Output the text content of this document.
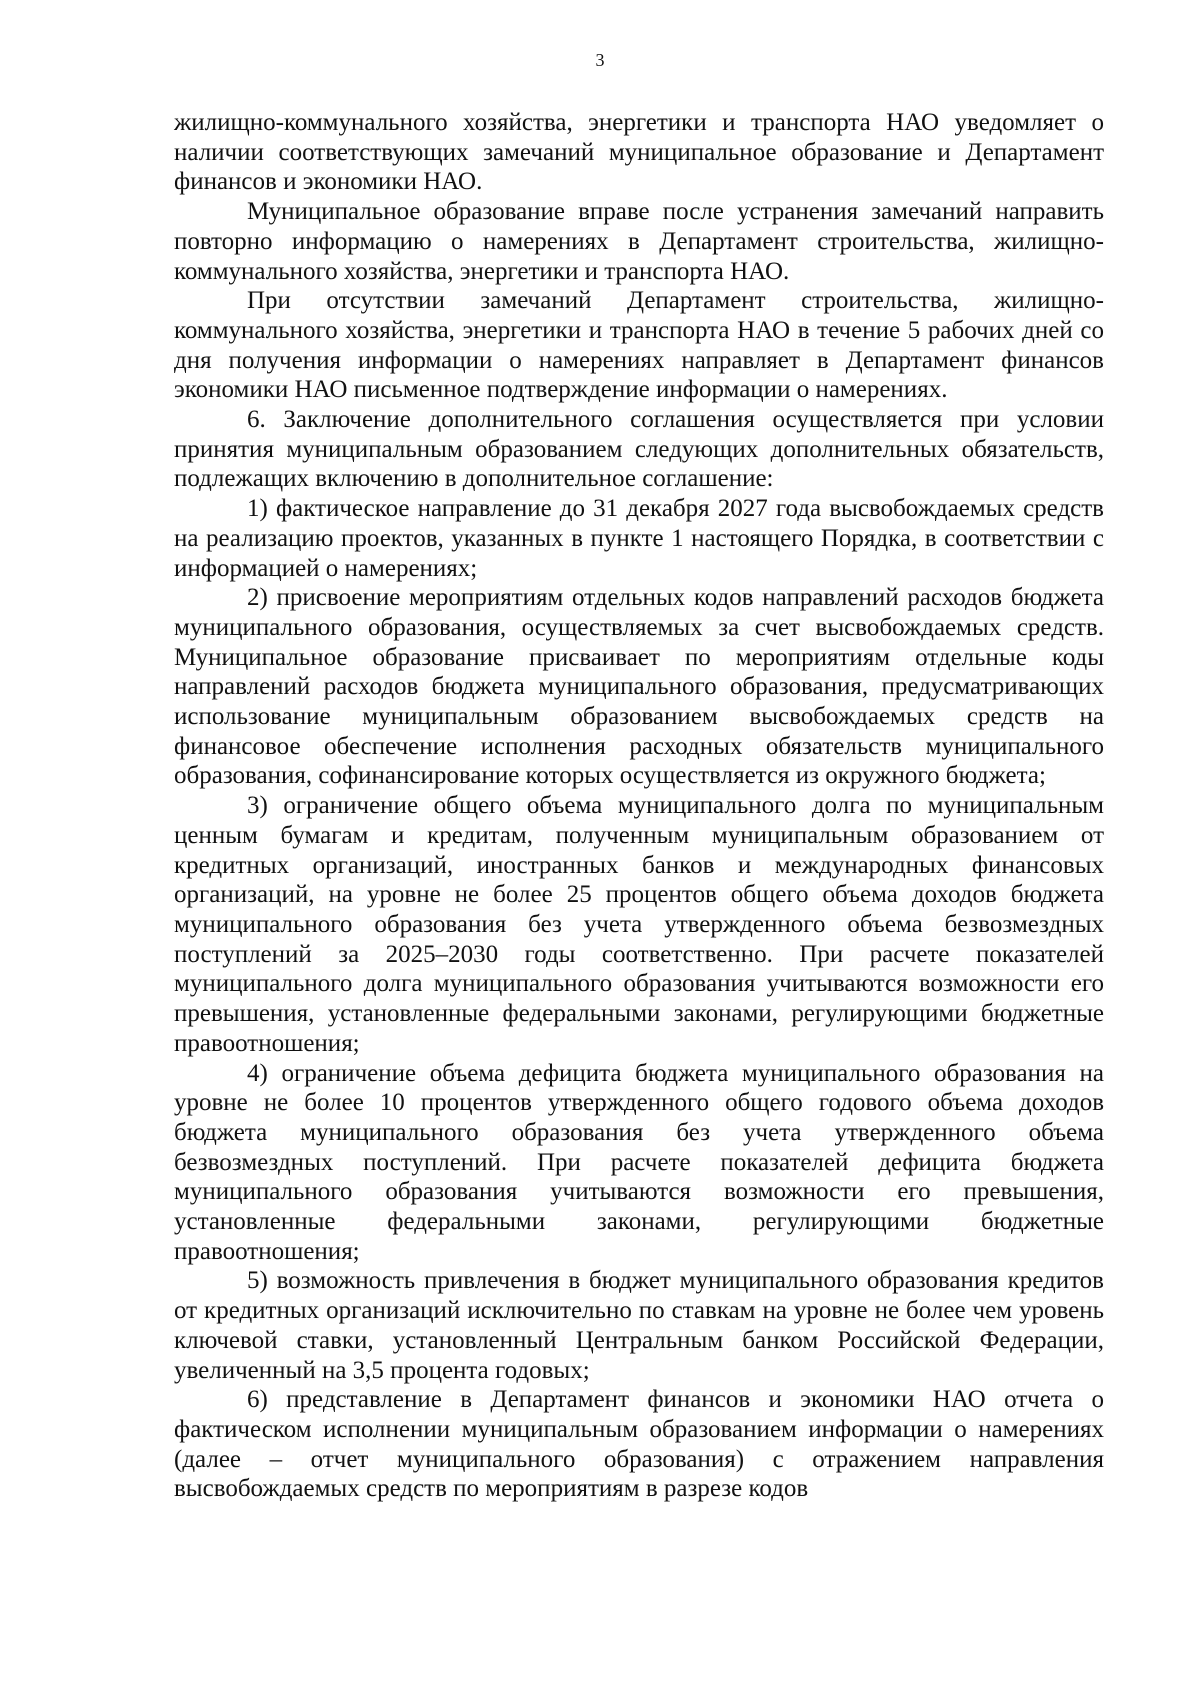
3

жилищно-коммунального хозяйства, энергетики и транспорта НАО уведомляет о наличии соответствующих замечаний муниципальное образование и Департамент финансов и экономики НАО.

Муниципальное образование вправе после устранения замечаний направить повторно информацию о намерениях в Департамент строительства, жилищно-коммунального хозяйства, энергетики и транспорта НАО.

При отсутствии замечаний Департамент строительства, жилищно-коммунального хозяйства, энергетики и транспорта НАО в течение 5 рабочих дней со дня получения информации о намерениях направляет в Департамент финансов экономики НАО письменное подтверждение информации о намерениях.

6. Заключение дополнительного соглашения осуществляется при условии принятия муниципальным образованием следующих дополнительных обязательств, подлежащих включению в дополнительное соглашение:

1) фактическое направление до 31 декабря 2027 года высвобождаемых средств на реализацию проектов, указанных в пункте 1 настоящего Порядка, в соответствии с информацией о намерениях;

2) присвоение мероприятиям отдельных кодов направлений расходов бюджета муниципального образования, осуществляемых за счет высвобождаемых средств. Муниципальное образование присваивает по мероприятиям отдельные коды направлений расходов бюджета муниципального образования, предусматривающих использование муниципальным образованием высвобождаемых средств на финансовое обеспечение исполнения расходных обязательств муниципального образования, софинансирование которых осуществляется из окружного бюджета;

3) ограничение общего объема муниципального долга по муниципальным ценным бумагам и кредитам, полученным муниципальным образованием от кредитных организаций, иностранных банков и международных финансовых организаций, на уровне не более 25 процентов общего объема доходов бюджета муниципального образования без учета утвержденного объема безвозмездных поступлений за 2025–2030 годы соответственно. При расчете показателей муниципального долга муниципального образования учитываются возможности его превышения, установленные федеральными законами, регулирующими бюджетные правоотношения;

4) ограничение объема дефицита бюджета муниципального образования на уровне не более 10 процентов утвержденного общего годового объема доходов бюджета муниципального образования без учета утвержденного объема безвозмездных поступлений. При расчете показателей дефицита бюджета муниципального образования учитываются возможности его превышения, установленные федеральными законами, регулирующими бюджетные правоотношения;

5) возможность привлечения в бюджет муниципального образования кредитов от кредитных организаций исключительно по ставкам на уровне не более чем уровень ключевой ставки, установленный Центральным банком Российской Федерации, увеличенный на 3,5 процента годовых;

6) представление в Департамент финансов и экономики НАО отчета о фактическом исполнении муниципальным образованием информации о намерениях (далее – отчет муниципального образования) с отражением направления высвобождаемых средств по мероприятиям в разрезе кодов
